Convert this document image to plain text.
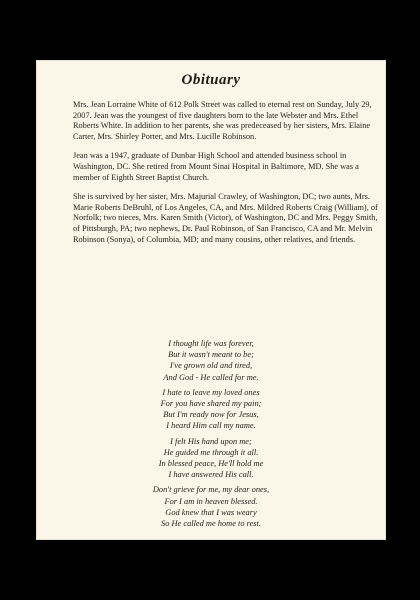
Obituary

Mrs. Jean Lorraine White of 612 Polk Street was called to eternal rest on Sunday, July 29, 2007. Jean was the youngest of five daughters born to the late Webster and Mrs. Ethel Roberts White. In addition to her parents, she was predeceased by her sisters, Mrs. Elaine Carter, Mrs. Shirley Porter, and Mrs. Lucille Robinson.

Jean was a 1947, graduate of Dunbar High School and attended business school in Washington, DC. She retired from Mount Sinai Hospital in Baltimore, MD. She was a member of Eighth Street Baptist Church.

She is survived by her sister, Mrs. Majurial Crawley, of Washington, DC; two aunts, Mrs. Marie Roberts DeBruhl, of Los Angeles, CA, and Mrs. Mildred Roberts Craig (William), of Norfolk; two nieces, Mrs. Karen Smith (Victor), of Washington, DC and Mrs. Peggy Smith, of Pittsburgh, PA; two nephews, Dr. Paul Robinson, of San Francisco, CA and Mr. Melvin Robinson (Sonya), of Columbia, MD; and many cousins, other relatives, and friends.

I thought life was forever,
But it wasn't meant to be;
I've grown old and tired,
And God - He called for me.
I hate to leave my loved ones
For you have shared my pain;
But I'm ready now for Jesus,
I heard Him call my name.
I felt His hand upon me;
He guided me through it all.
In blessed peace, He'll hold me
I have answered His call.
Don't grieve for me, my dear ones,
For I am in heaven blessed.
God knew that I was weary
So He called me home to rest.
